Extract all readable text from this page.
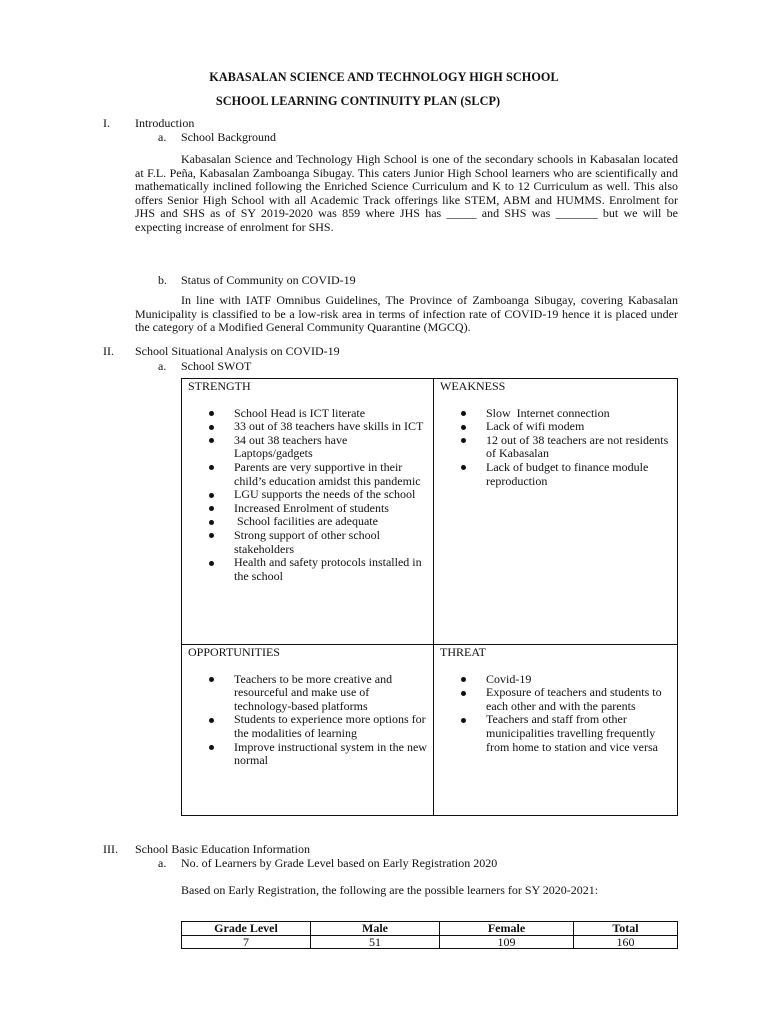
KABASALAN SCIENCE AND TECHNOLOGY HIGH SCHOOL
SCHOOL LEARNING CONTINUITY PLAN (SLCP)
I.	Introduction
a. School Background
Kabasalan Science and Technology High School is one of the secondary schools in Kabasalan located at F.L. Peña, Kabasalan Zamboanga Sibugay. This caters Junior High School learners who are scientifically and mathematically inclined following the Enriched Science Curriculum and K to 12 Curriculum as well. This also offers Senior High School with all Academic Track offerings like STEM, ABM and HUMMS. Enrolment for JHS and SHS as of SY 2019-2020 was 859 where JHS has _____ and SHS was _______ but we will be expecting increase of enrolment for SHS.
b. Status of Community on COVID-19
In line with IATF Omnibus Guidelines, The Province of Zamboanga Sibugay, covering Kabasalan Municipality is classified to be a low-risk area in terms of infection rate of COVID-19 hence it is placed under the category of a Modified General Community Quarantine (MGCQ).
II.	School Situational Analysis on COVID-19
a. School SWOT
STRENGTH
School Head is ICT literate
33 out of 38 teachers have skills in ICT
34 out 38 teachers have Laptops/gadgets
Parents are very supportive in their child’s education amidst this pandemic
LGU supports the needs of the school
Increased Enrolment of students
School facilities are adequate
Strong support of other school stakeholders
Health and safety protocols installed in the school
WEAKNESS
Slow  Internet connection
Lack of wifi modem
12 out of 38 teachers are not residents of Kabasalan
Lack of budget to finance module reproduction
OPPORTUNITIES
Teachers to be more creative and resourceful and make use of technology-based platforms
Students to experience more options for the modalities of learning
Improve instructional system in the new normal
THREAT
Covid-19
Exposure of teachers and students to each other and with the parents
Teachers and staff from other municipalities travelling frequently from home to station and vice versa
III.	School Basic Education Information
a. No. of Learners by Grade Level based on Early Registration 2020
Based on Early Registration, the following are the possible learners for SY 2020-2021:
Grade Level	Male	Female	Total
7	51	109	160
